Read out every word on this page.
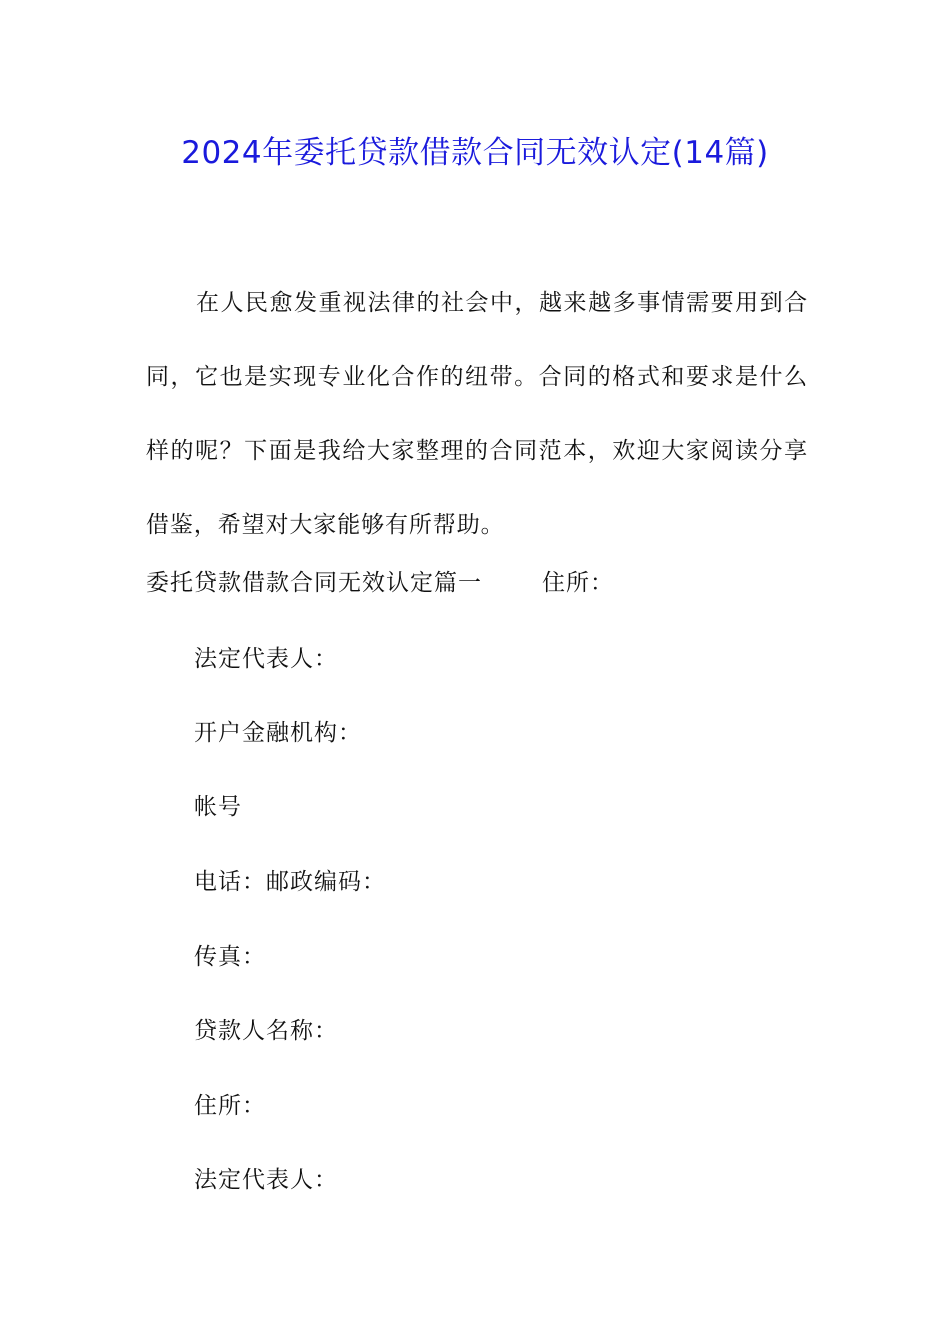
2024年委托贷款借款合同无效认定(14篇)

在人民愈发重视法律的社会中，越来越多事情需要用到合同，它也是实现专业化合作的纽带。合同的格式和要求是什么样的呢？下面是我给大家整理的合同范本，欢迎大家阅读分享借鉴，希望对大家能够有所帮助。

委托贷款借款合同无效认定篇一	住所：

法定代表人：

开户金融机构：

帐号

电话：邮政编码：

传真：

贷款人名称：

住所：

法定代表人：
